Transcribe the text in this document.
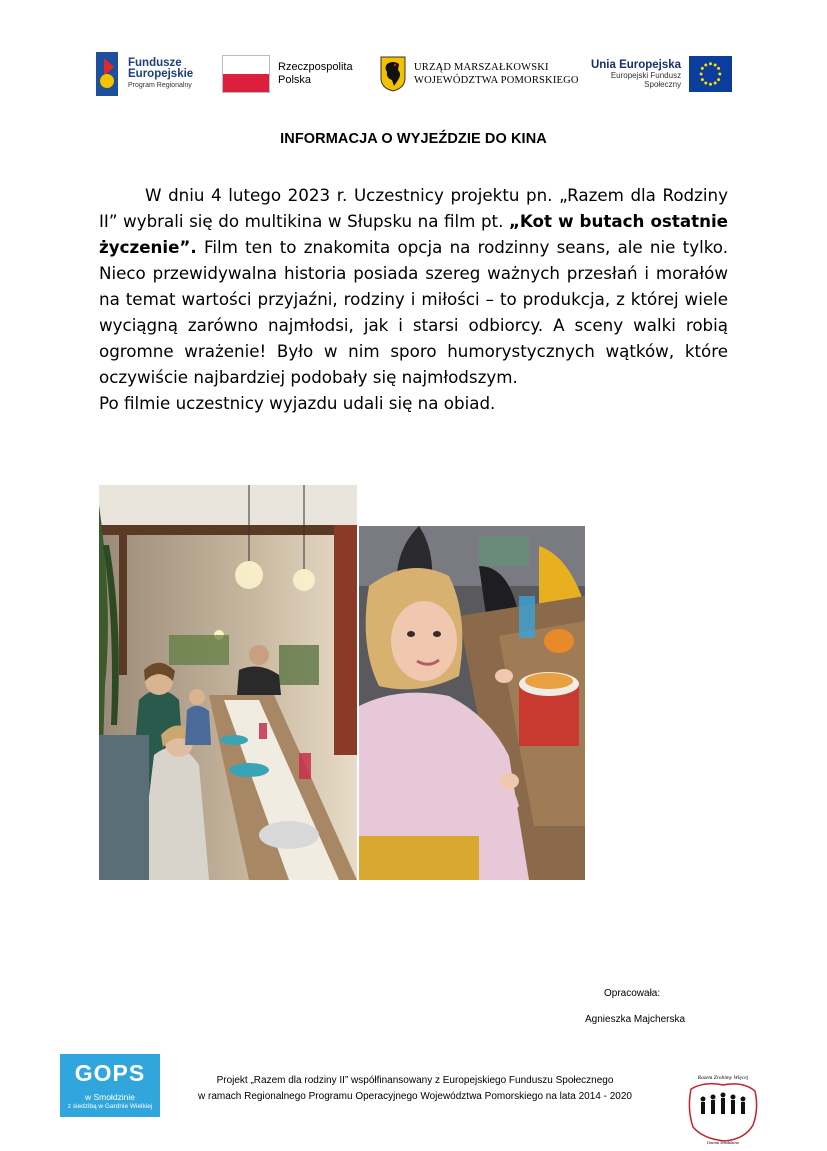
Fundusze
Europejskie
Program Regionalny
Rzeczpospolita
Polska
URZĄD MARSZAŁKOWSKI
WOJEWÓDZTWA POMORSKIEGO
Unia Europejska
Europejski Fundusz Społeczny
INFORMACJA O WYJEŹDZIE DO KINA

W dniu 4 lutego 2023 r. Uczestnicy projektu pn. „Razem dla Rodziny II” wybrali się do multikina w Słupsku na film pt. „Kot w butach ostatnie życzenie”. Film ten to znakomita opcja na rodzinny seans, ale nie tylko. Nieco przewidywalna historia posiada szereg ważnych przesłań i morałów na temat wartości przyjaźni, rodziny i miłości – to produkcja, z której wiele wyciągną zarówno najmłodsi, jak i starsi odbiorcy. A sceny walki robią ogromne wrażenie! Było w nim sporo humorystycznych wątków, które oczywiście najbardziej podobały się najmłodszym.

Po filmie uczestnicy wyjazdu udali się na obiad.

Opracowała:
Agnieszka Majcherska
GOPS
w Smołdzinie
z siedzibą w Gardnie Wielkiej
Projekt „Razem dla rodziny II” współfinansowany z Europejskiego Funduszu Społecznego
w ramach Regionalnego Programu Operacyjnego Województwa Pomorskiego na lata 2014 - 2020
Razem Zrobimy Więcej
Gmina Smołdzino
